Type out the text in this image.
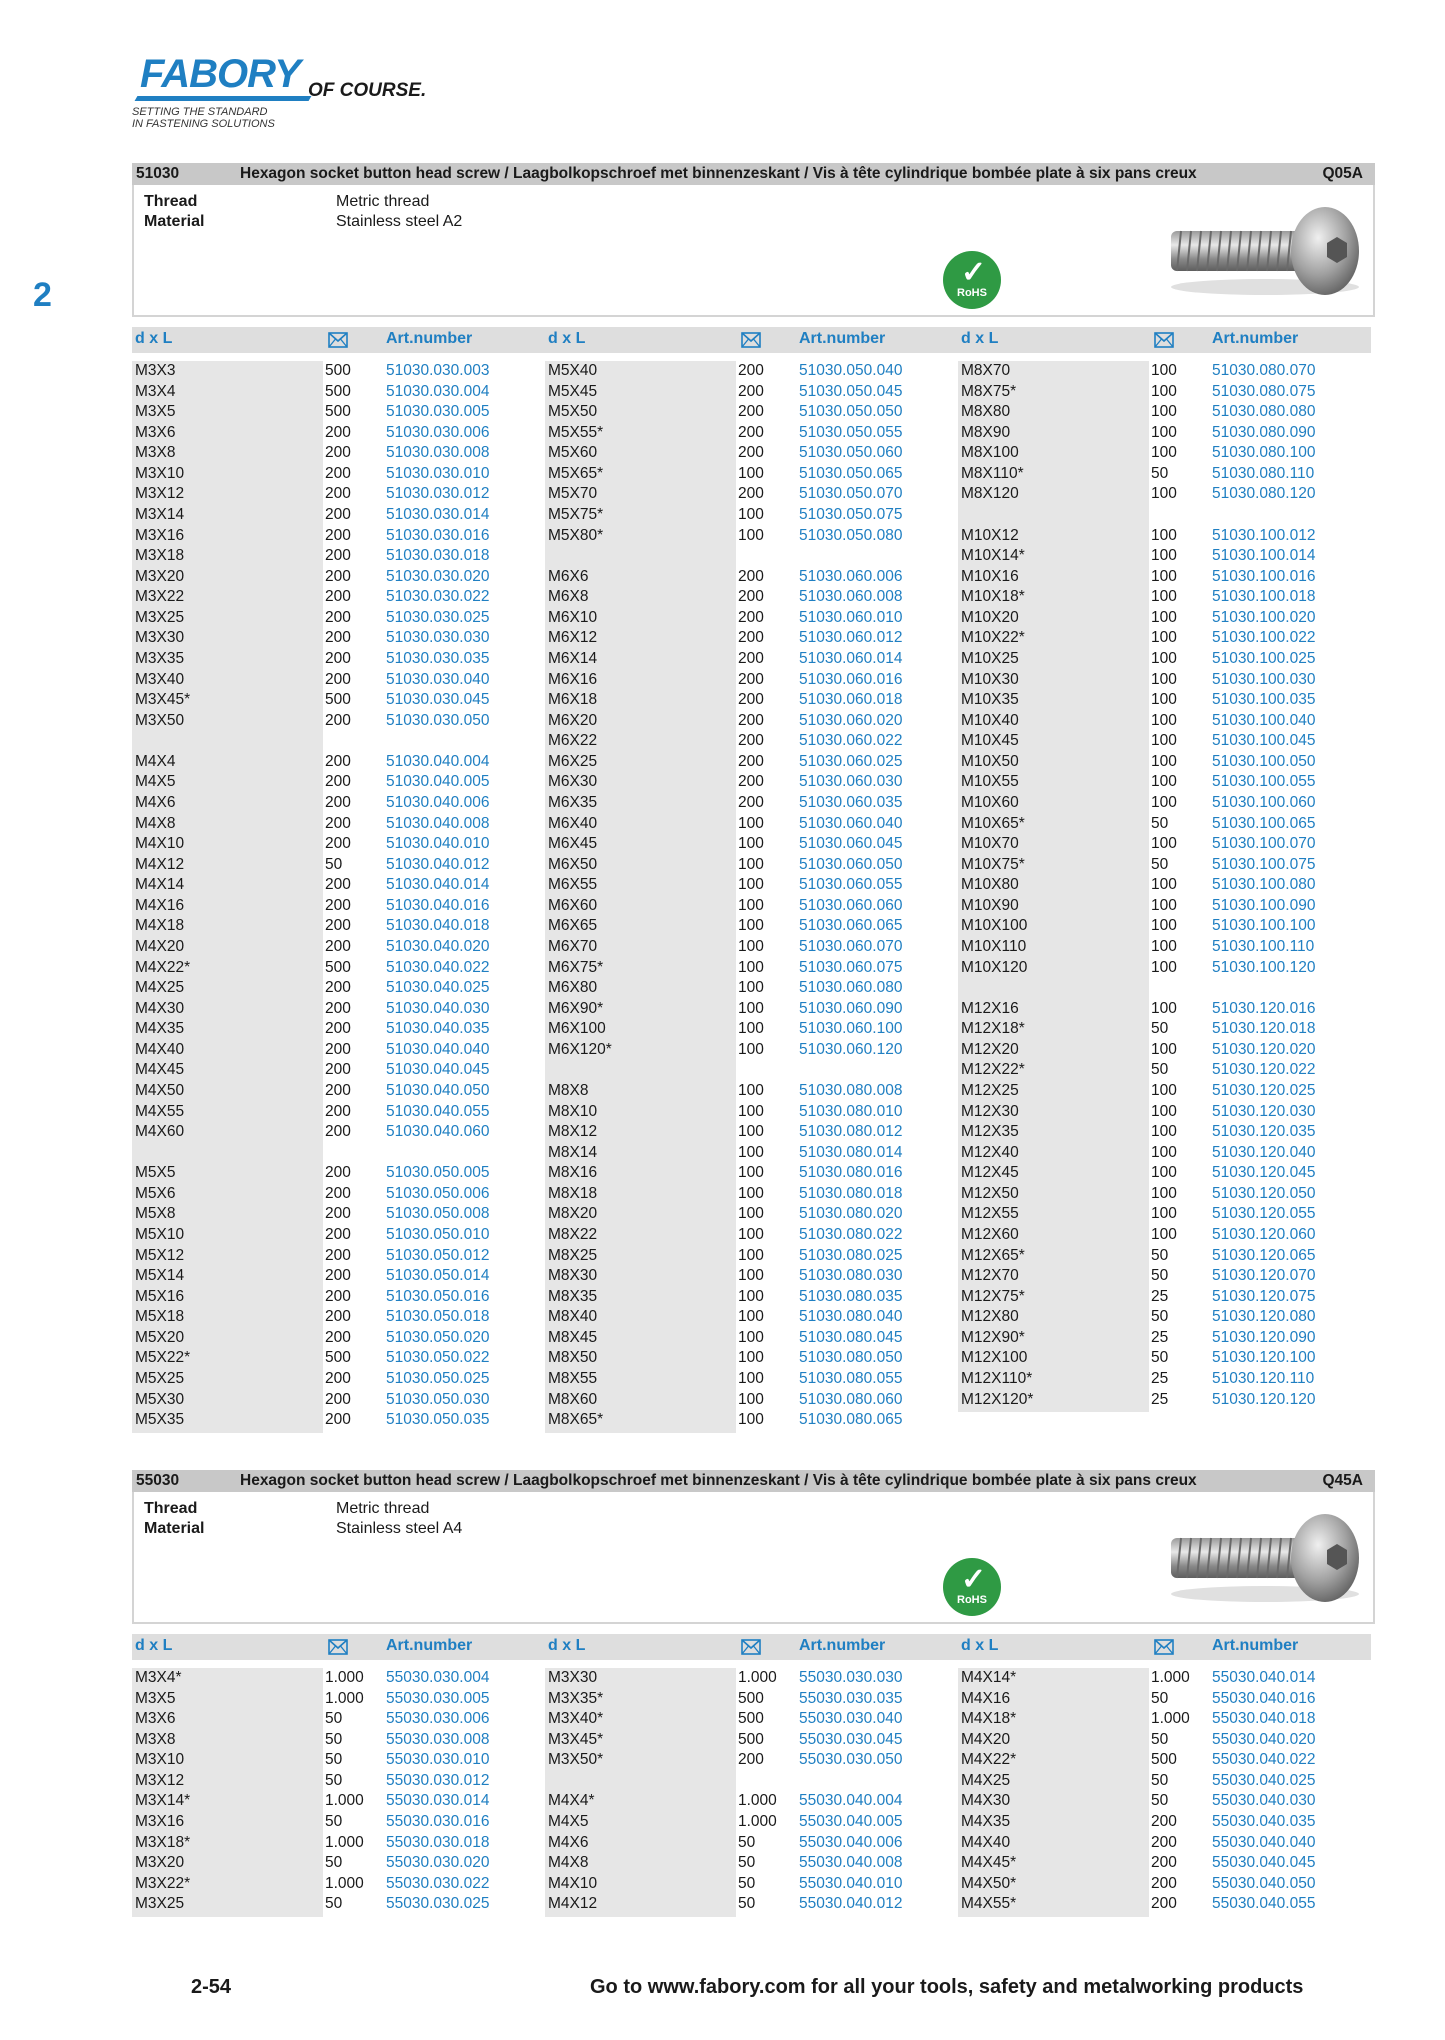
FABORY OF COURSE.
SETTING THE STANDARD
IN FASTENING SOLUTIONS
2
51030	Hexagon socket button head screw / Laagbolkopschroef met binnenzeskant / Vis à tête cylindrique bombée plate à six pans creux	Q05A
Thread	Metric thread
Material	Stainless steel A2
✓
RoHS
d x L	Art.number
M3X3	500 51030.030.003
M3X4	500 51030.030.004
M3X5	500 51030.030.005
M3X6	200 51030.030.006
M3X8	200 51030.030.008
M3X10	200 51030.030.010
M3X12	200 51030.030.012
M3X14	200 51030.030.014
M3X16	200 51030.030.016
M3X18	200 51030.030.018
M3X20	200 51030.030.020
M3X22	200 51030.030.022
M3X25	200 51030.030.025
M3X30	200 51030.030.030
M3X35	200 51030.030.035
M3X40	200 51030.030.040
M3X45*	500 51030.030.045
M3X50	200 51030.030.050
M4X4	200 51030.040.004
M4X5	200 51030.040.005
M4X6	200 51030.040.006
M4X8	200 51030.040.008
M4X10	200 51030.040.010
M4X12	50	51030.040.012
M4X14	200 51030.040.014
M4X16	200 51030.040.016
M4X18	200 51030.040.018
M4X20	200 51030.040.020
M4X22*	500 51030.040.022
M4X25	200 51030.040.025
M4X30	200 51030.040.030
M4X35	200 51030.040.035
M4X40	200 51030.040.040
M4X45	200 51030.040.045
M4X50	200 51030.040.050
M4X55	200 51030.040.055
M4X60	200 51030.040.060
M5X5	200 51030.050.005
M5X6	200 51030.050.006
M5X8	200 51030.050.008
M5X10	200 51030.050.010
M5X12	200 51030.050.012
M5X14	200 51030.050.014
M5X16	200 51030.050.016
M5X18	200 51030.050.018
M5X20	200 51030.050.020
M5X22*	500 51030.050.022
M5X25	200 51030.050.025
M5X30	200 51030.050.030
M5X35	200 51030.050.035
d x L	Art.number
M5X40	200 51030.050.040
M5X45	200 51030.050.045
M5X50	200 51030.050.050
M5X55*	200 51030.050.055
M5X60	200 51030.050.060
M5X65*	100 51030.050.065
M5X70	200 51030.050.070
M5X75*	100 51030.050.075
M5X80*	100 51030.050.080
M6X6	200 51030.060.006
M6X8	200 51030.060.008
M6X10	200 51030.060.010
M6X12	200 51030.060.012
M6X14	200 51030.060.014
M6X16	200 51030.060.016
M6X18	200 51030.060.018
M6X20	200 51030.060.020
M6X22	200 51030.060.022
M6X25	200 51030.060.025
M6X30	200 51030.060.030
M6X35	200 51030.060.035
M6X40	100 51030.060.040
M6X45	100 51030.060.045
M6X50	100 51030.060.050
M6X55	100 51030.060.055
M6X60	100 51030.060.060
M6X65	100 51030.060.065
M6X70	100 51030.060.070
M6X75*	100 51030.060.075
M6X80	100 51030.060.080
M6X90*	100 51030.060.090
M6X100	100 51030.060.100
M6X120*	100 51030.060.120
M8X8	100 51030.080.008
M8X10	100 51030.080.010
M8X12	100 51030.080.012
M8X14	100 51030.080.014
M8X16	100 51030.080.016
M8X18	100 51030.080.018
M8X20	100 51030.080.020
M8X22	100 51030.080.022
M8X25	100 51030.080.025
M8X30	100 51030.080.030
M8X35	100 51030.080.035
M8X40	100 51030.080.040
M8X45	100 51030.080.045
M8X50	100 51030.080.050
M8X55	100 51030.080.055
M8X60	100 51030.080.060
M8X65*	100 51030.080.065
d x L	Art.number
M8X70	100 51030.080.070
M8X75*	100 51030.080.075
M8X80	100 51030.080.080
M8X90	100 51030.080.090
M8X100	100 51030.080.100
M8X110*	50	51030.080.110
M8X120	100 51030.080.120
M10X12	100 51030.100.012
M10X14*	100 51030.100.014
M10X16	100 51030.100.016
M10X18*	100 51030.100.018
M10X20	100 51030.100.020
M10X22*	100 51030.100.022
M10X25	100 51030.100.025
M10X30	100 51030.100.030
M10X35	100 51030.100.035
M10X40	100 51030.100.040
M10X45	100 51030.100.045
M10X50	100 51030.100.050
M10X55	100 51030.100.055
M10X60	100 51030.100.060
M10X65*	50	51030.100.065
M10X70	100 51030.100.070
M10X75*	50	51030.100.075
M10X80	100 51030.100.080
M10X90	100 51030.100.090
M10X100	100 51030.100.100
M10X110	100 51030.100.110
M10X120	100 51030.100.120
M12X16	100 51030.120.016
M12X18*	50	51030.120.018
M12X20	100 51030.120.020
M12X22*	50	51030.120.022
M12X25	100 51030.120.025
M12X30	100 51030.120.030
M12X35	100 51030.120.035
M12X40	100 51030.120.040
M12X45	100 51030.120.045
M12X50	100 51030.120.050
M12X55	100 51030.120.055
M12X60	100 51030.120.060
M12X65*	50	51030.120.065
M12X70	50	51030.120.070
M12X75*	25	51030.120.075
M12X80	50	51030.120.080
M12X90*	25	51030.120.090
M12X100	50	51030.120.100
M12X110*	25	51030.120.110
M12X120*	25	51030.120.120
55030	Hexagon socket button head screw / Laagbolkopschroef met binnenzeskant / Vis à tête cylindrique bombée plate à six pans creux	Q45A
Thread	Metric thread
Material	Stainless steel A4
✓
RoHS
d x L	Art.number
M3X4*	1.000 55030.030.004
M3X5	1.000 55030.030.005
M3X6	50	55030.030.006
M3X8	50	55030.030.008
M3X10	50	55030.030.010
M3X12	50	55030.030.012
M3X14*	1.000 55030.030.014
M3X16	50	55030.030.016
M3X18*	1.000 55030.030.018
M3X20	50	55030.030.020
M3X22*	1.000 55030.030.022
M3X25	50	55030.030.025
d x L	Art.number
M3X30	1.000 55030.030.030
M3X35*	500 55030.030.035
M3X40*	500 55030.030.040
M3X45*	500 55030.030.045
M3X50*	200 55030.030.050
M4X4*	1.000 55030.040.004
M4X5	1.000 55030.040.005
M4X6	50	55030.040.006
M4X8	50	55030.040.008
M4X10	50	55030.040.010
M4X12	50	55030.040.012
d x L	Art.number
M4X14*	1.000 55030.040.014
M4X16	50	55030.040.016
M4X18*	1.000 55030.040.018
M4X20	50	55030.040.020
M4X22*	500 55030.040.022
M4X25	50	55030.040.025
M4X30	50	55030.040.030
M4X35	200 55030.040.035
M4X40	200 55030.040.040
M4X45*	200 55030.040.045
M4X50*	200 55030.040.050
M4X55*	200 55030.040.055
2-54	Go to www.fabory.com for all your tools, safety and metalworking products
